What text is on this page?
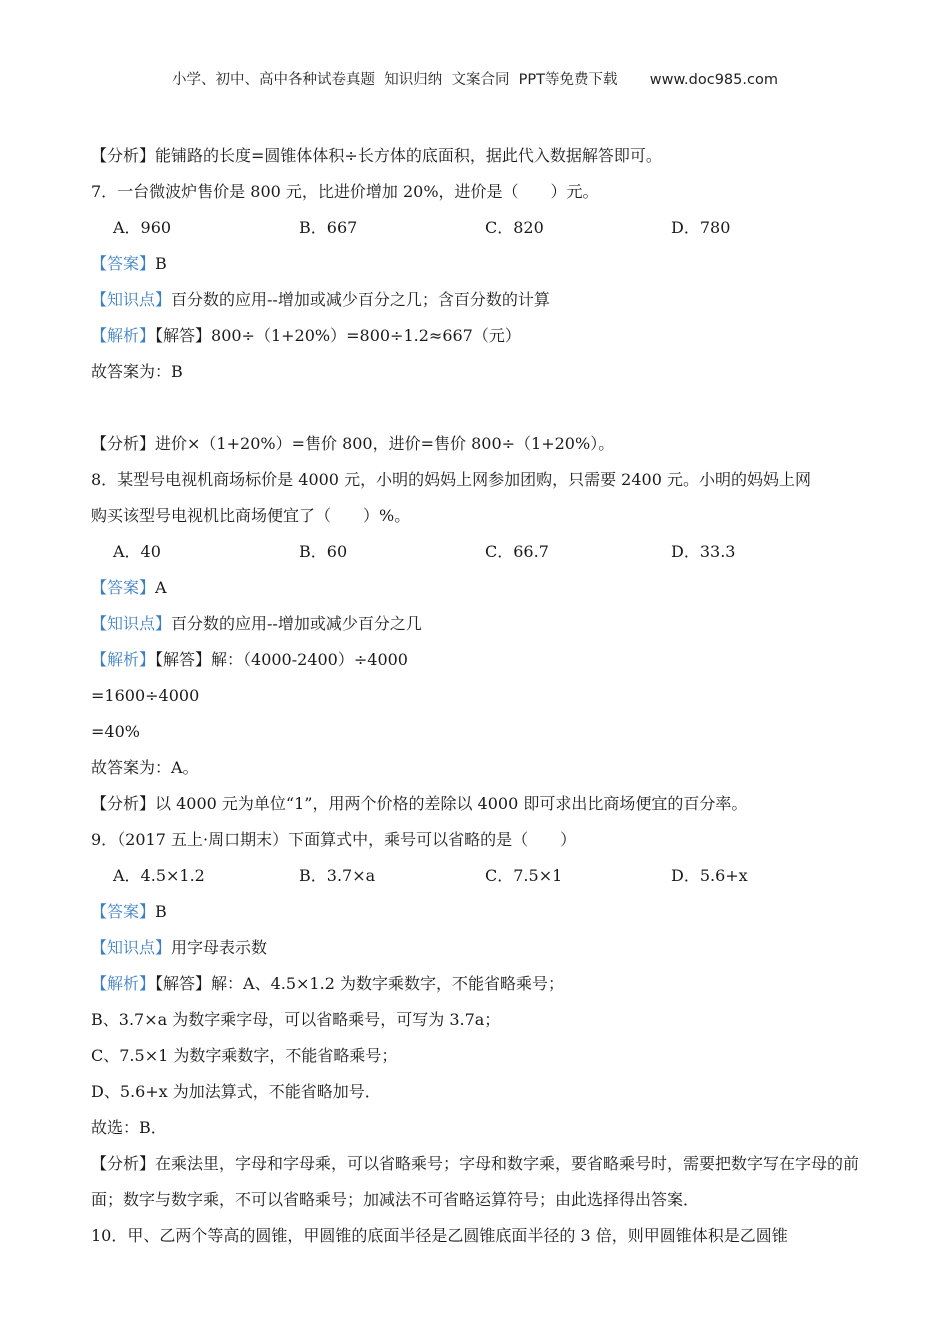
小学、初中、高中各种试卷真题  知识归纳  文案合同  PPT等免费下载       www.doc985.com
【分析】能铺路的长度=圆锥体体积÷长方体的底面积，据此代入数据解答即可。
7．一台微波炉售价是 800 元，比进价增加 20%，进价是（　　）元。
A．960	B．667	C．820	D．780
【答案】B
【知识点】百分数的应用--增加或减少百分之几；含百分数的计算
【解析】【解答】800÷（1+20%）=800÷1.2≈667（元）
故答案为：B
【分析】进价×（1+20%）=售价 800，进价=售价 800÷（1+20%）。
8．某型号电视机商场标价是 4000 元，小明的妈妈上网参加团购，只需要 2400 元。小明的妈妈上网
购买该型号电视机比商场便宜了（　　）%。
A．40	B．60	C．66.7	D．33.3
【答案】A
【知识点】百分数的应用--增加或减少百分之几
【解析】【解答】解：（4000-2400）÷4000
=1600÷4000
=40%
故答案为：A。
【分析】以 4000 元为单位“1”，用两个价格的差除以 4000 即可求出比商场便宜的百分率。
9．（2017 五上·周口期末）下面算式中，乘号可以省略的是（　　）
A．4.5×1.2	B．3.7×a	C．7.5×1	D．5.6+x
【答案】B
【知识点】用字母表示数
【解析】【解答】解：A、4.5×1.2 为数字乘数字，不能省略乘号；
B、3.7×a 为数字乘字母，可以省略乘号，可写为 3.7a；
C、7.5×1 为数字乘数字，不能省略乘号；
D、5.6+x 为加法算式，不能省略加号．
故选：B．
【分析】在乘法里，字母和字母乘，可以省略乘号；字母和数字乘，要省略乘号时，需要把数字写在字母的前面；数字与数字乘，不可以省略乘号；加减法不可省略运算符号；由此选择得出答案．
10．甲、乙两个等高的圆锥，甲圆锥的底面半径是乙圆锥底面半径的 3 倍，则甲圆锥体积是乙圆锥
